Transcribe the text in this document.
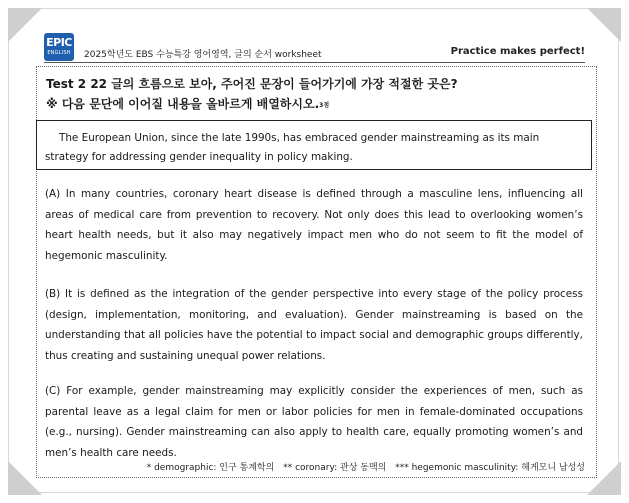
EPIC
ENGLISH	2025학년도 EBS 수능특강 영어영역, 글의 순서 worksheet	Practice makes perfect!
Test 2 22 글의 흐름으로 보아, 주어진 문장이 들어가기에 가장 적절한 곳은?
※ 다음 문단에 이어질 내용을 올바르게 배열하시오.3점

The European Union, since the late 1990s, has embraced gender mainstreaming as its main strategy for addressing gender inequality in policy making.

(A) In many countries, coronary heart disease is defined through a masculine lens, influencing all areas of medical care from prevention to recovery. Not only does this lead to overlooking women’s heart health needs, but it also may negatively impact men who do not seem to fit the model of hegemonic masculinity.

(B) It is defined as the integration of the gender perspective into every stage of the policy process (design, implementation, monitoring, and evaluation). Gender mainstreaming is based on the understanding that all policies have the potential to impact social and demographic groups differently, thus creating and sustaining unequal power relations.

(C) For example, gender mainstreaming may explicitly consider the experiences of men, such as parental leave as a legal claim for men or labor policies for men in female-dominated occupations (e.g., nursing). Gender mainstreaming can also apply to health care, equally promoting women’s and men’s health care needs.

* demographic: 인구 통계학의 ** coronary: 관상 동맥의 *** hegemonic masculinity: 헤게모니 남성성
